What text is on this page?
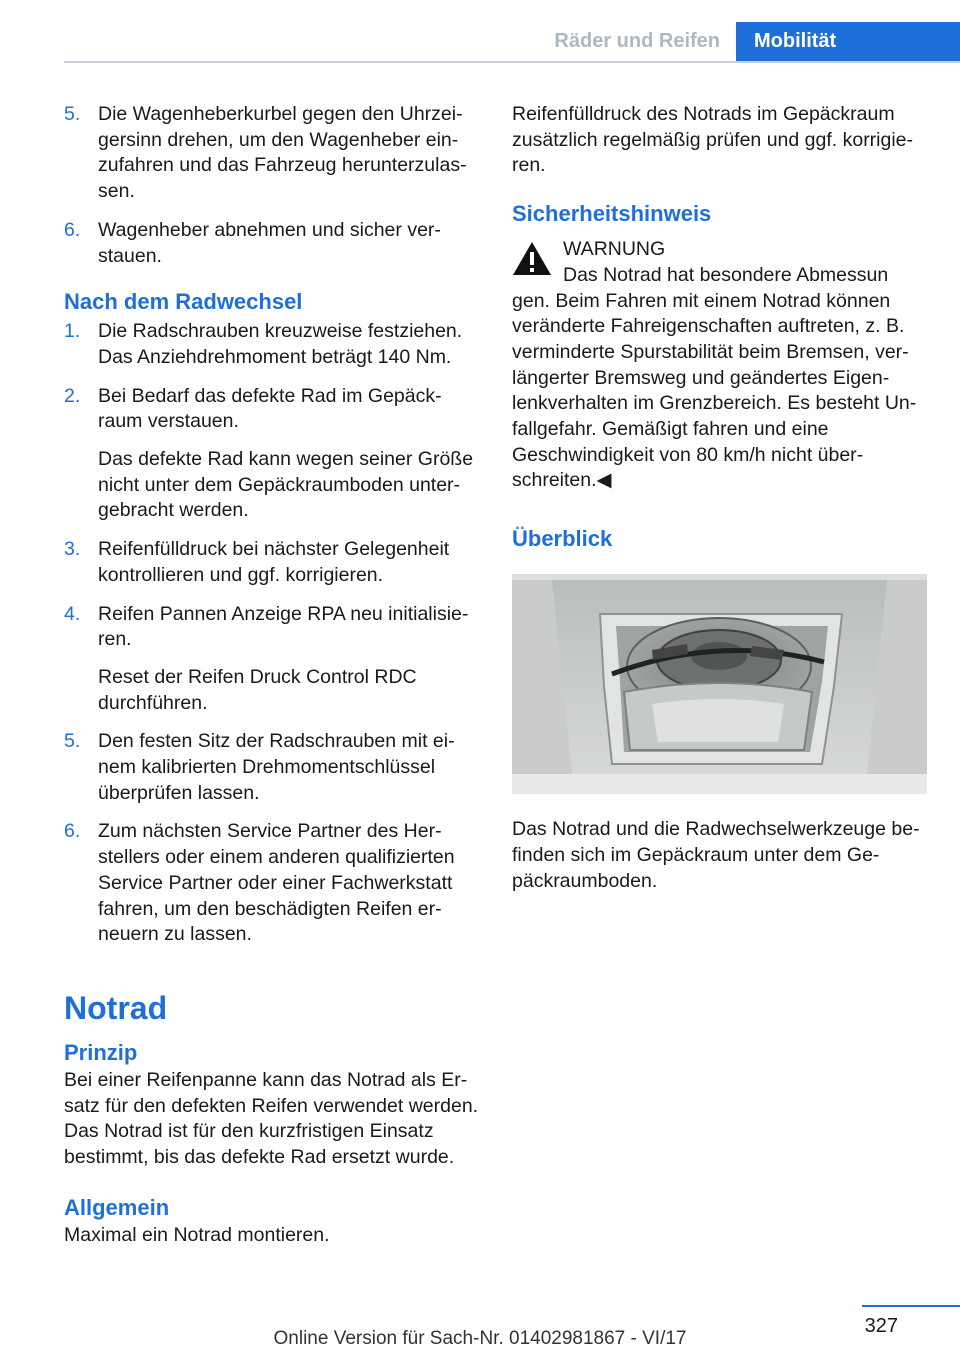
Räder und Reifen Mobilität
5. Die Wagenheberkurbel gegen den Uhrzeigersinn drehen, um den Wagenheber einzufahren und das Fahrzeug herunterzulassen.

6. Wagenheber abnehmen und sicher verstauen.

Nach dem Radwechsel
1. Die Radschrauben kreuzweise festziehen. Das Anziehdrehmoment beträgt 140 Nm.

2. Bei Bedarf das defekte Rad im Gepäckraum verstauen.

Das defekte Rad kann wegen seiner Größe nicht unter dem Gepäckraumboden untergebracht werden.

3. Reifenfülldruck bei nächster Gelegenheit kontrollieren und ggf. korrigieren.

4. Reifen Pannen Anzeige RPA neu initialisieren.

Reset der Reifen Druck Control RDC durchführen.

5. Den festen Sitz der Radschrauben mit einem kalibrierten Drehmomentschlüssel überprüfen lassen.

6. Zum nächsten Service Partner des Herstellers oder einem anderen qualifizierten Service Partner oder einer Fachwerkstatt fahren, um den beschädigten Reifen erneuern zu lassen.

Notrad
Prinzip

Bei einer Reifenpanne kann das Notrad als Ersatz für den defekten Reifen verwendet werden. Das Notrad ist für den kurzfristigen Einsatz bestimmt, bis das defekte Rad ersetzt wurde.

Allgemein

Maximal ein Notrad montieren.

Reifenfülldruck des Notrads im Gepäckraum zusätzlich regelmäßig prüfen und ggf. korrigieren.

Sicherheitshinweis

WARNUNG

Das Notrad hat besondere Abmessun

gen. Beim Fahren mit einem Notrad können veränderte Fahreigenschaften auftreten, z. B. verminderte Spurstabilität beim Bremsen, verlängerter Bremsweg und geändertes Eigenlenkverhalten im Grenzbereich. Es besteht Unfallgefahr. Gemäßigt fahren und eine Geschwindigkeit von 80 km/h nicht überschreiten.◀

Überblick

Das Notrad und die Radwechselwerkzeuge befinden sich im Gepäckraum unter dem Gepäckraumboden.

327
Online Version für Sach-Nr. 01402981867 - VI/17
